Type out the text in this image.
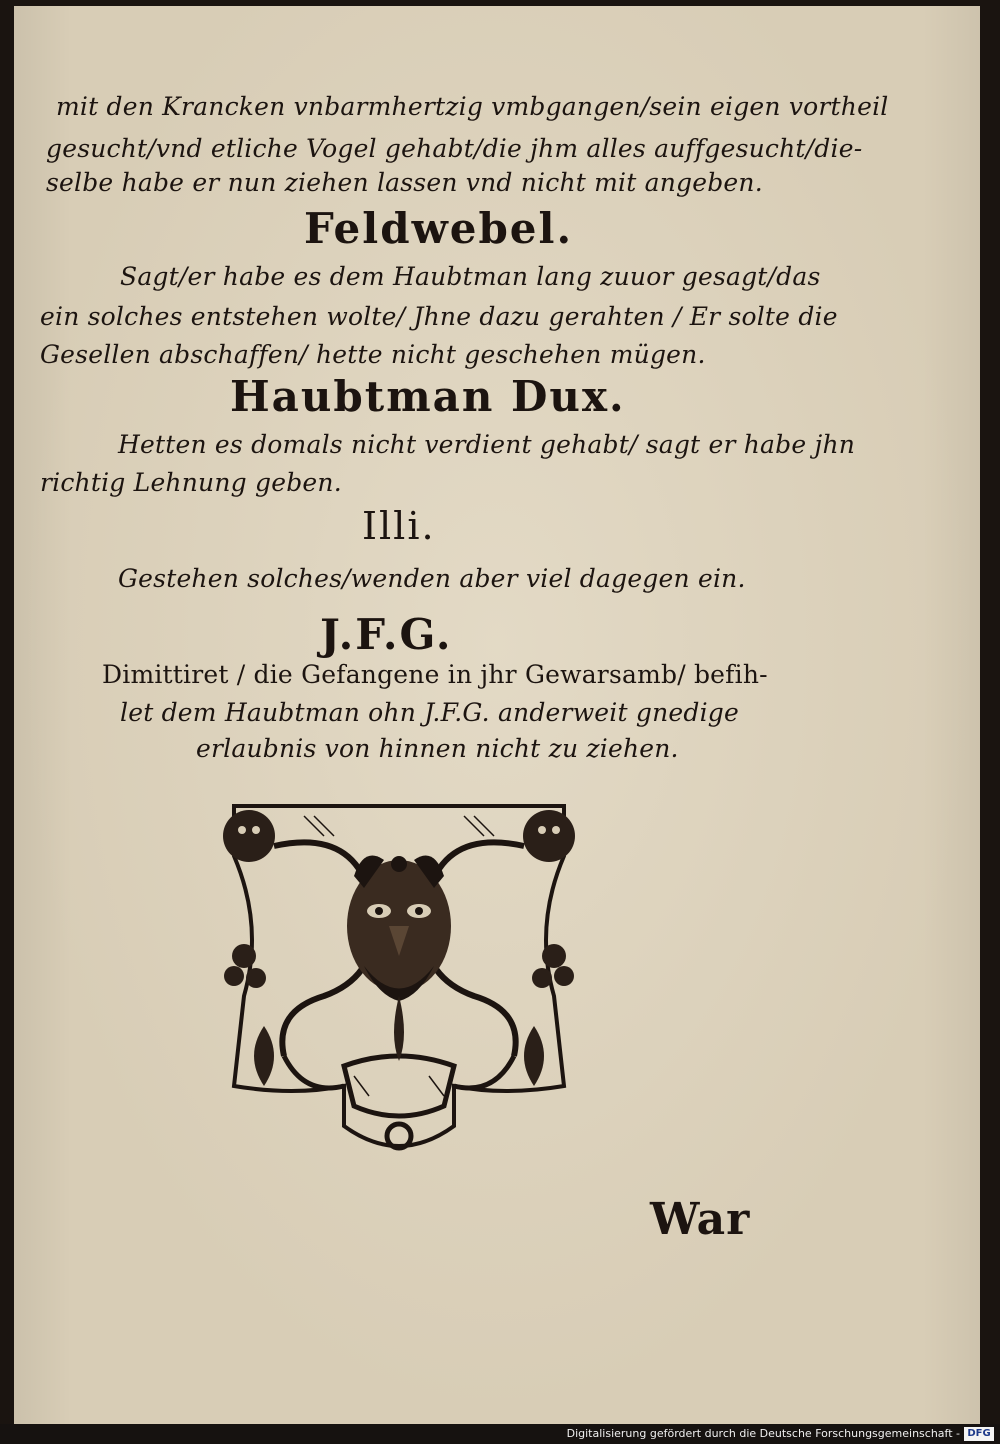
mit den Krancken vnbarmhertzig vmbgangen/sein eigen vortheil
gesucht/vnd etliche Vogel gehabt/die jhm alles auffgesucht/die-
selbe habe er nun ziehen lassen vnd nicht mit angeben.
Feldwebel.
Sagt/er habe es dem Haubtman lang zuuor gesagt/das
ein solches entstehen wolte/ Jhne dazu gerahten / Er solte die
Gesellen abschaffen/ hette nicht geschehen mügen.
Haubtman Dux.
Hetten es domals nicht verdient gehabt/ sagt er habe jhn
richtig Lehnung geben.
Illi.
Gestehen solches/wenden aber viel dagegen ein.
J.F.G.
Dimittiret / die Gefangene in jhr Gewarsamb/ befih-
let dem Haubtman ohn J.F.G. anderweit gnedige
erlaubnis von hinnen nicht zu ziehen.
War
Digitalisierung gefördert durch die Deutsche Forschungsgemeinschaft - DFG
